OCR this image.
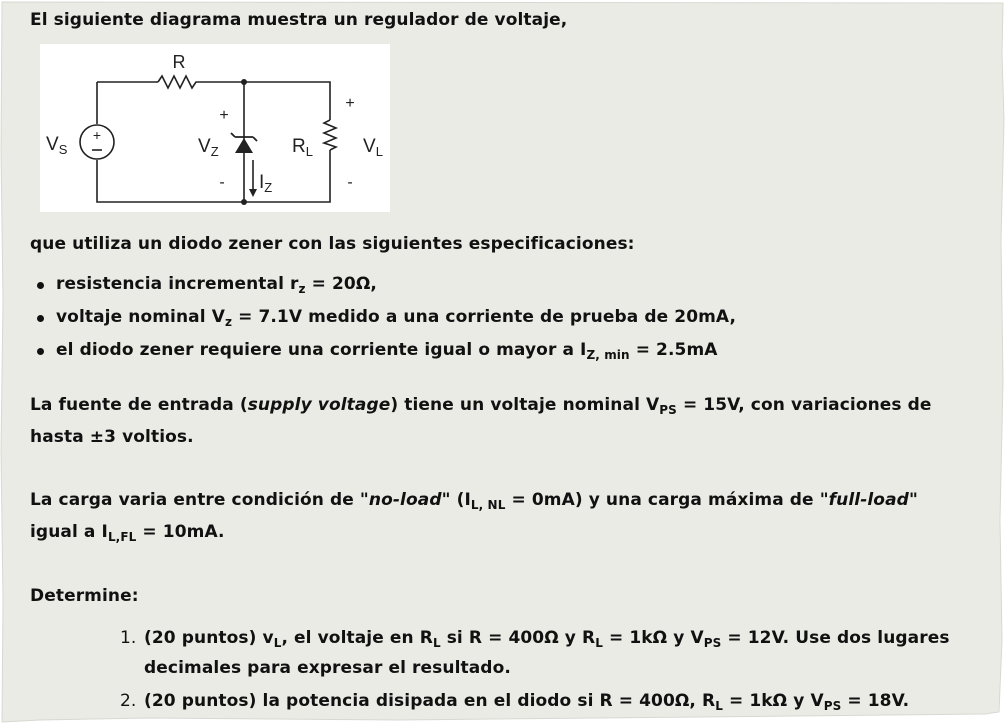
El siguiente diagrama muestra un regulador de voltaje,
+
R
$V_S$
+
$V_Z$
- $I_Z$
$R_L$
+
$V_L$
-
que utiliza un diodo zener con las siguientes especificaciones:
resistencia incremental $r_z = 20\Omega$,
voltaje nominal $V_z = 7.1V$ medido a una corriente de prueba de 20mA,
el diodo zener requiere una corriente igual o mayor a $I_{Z, min} = 2.5mA$
La fuente de entrada (supply voltage) tiene un voltaje nominal $V_{PS} = 15V$, con variaciones de
hasta ±3 voltios.
La carga varia entre condición de "no-load" $(I_{L, NL} = 0mA)$ y una carga máxima de "full-load"
igual a $I_{L,FL} = 10mA$.
Determine:
1. (20 puntos) $v_L$, el voltaje en $R_L$ si R = 400Ω y $R_L = 1k\Omega$ y $V_{PS} = 12V$. Use dos lugares
decimales para expresar el resultado.
2. (20 puntos) la potencia disipada en el diodo si R = 400Ω, $R_L = 1k\Omega$ y $V_{PS} = 18V$.
